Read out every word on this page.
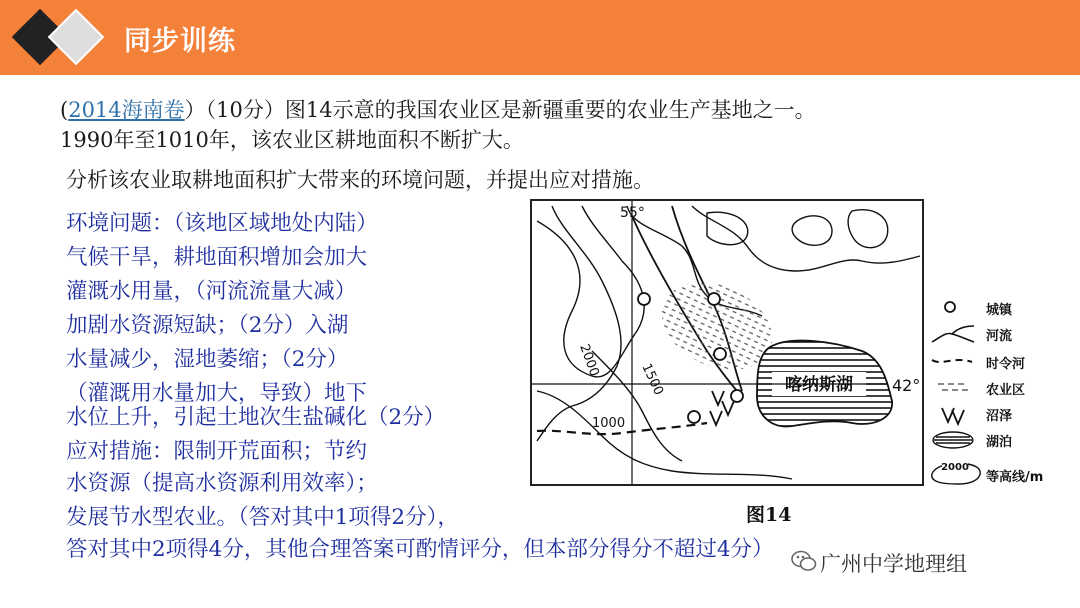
同步训练
(2014海南卷）（10分）图14示意的我国农业区是新疆重要的农业生产基地之一。
1990年至1010年，该农业区耕地面积不断扩大。
分析该农业取耕地面积扩大带来的环境问题，并提出应对措施。
环境问题：（该地区域地处内陆）
气候干旱，耕地面积增加会加大
灌溉水用量，（河流流量大减）
加剧水资源短缺；（2分）入湖
水量减少，湿地萎缩；（2分）
（灌溉用水量加大，导致）地下
水位上升，引起土地次生盐碱化（2分）
应对措施：限制开荒面积；节约
水资源（提高水资源利用效率）；
发展节水型农业。（答对其中1项得2分），
答对其中2项得4分，其他合理答案可酌情评分，但本部分得分不超过4分）
喀纳斯湖 42°
55°
2000
1500
1000
图14
城镇
河流
时令河
农业区
沼泽
湖泊
2000
等高线/m
广州中学地理组
